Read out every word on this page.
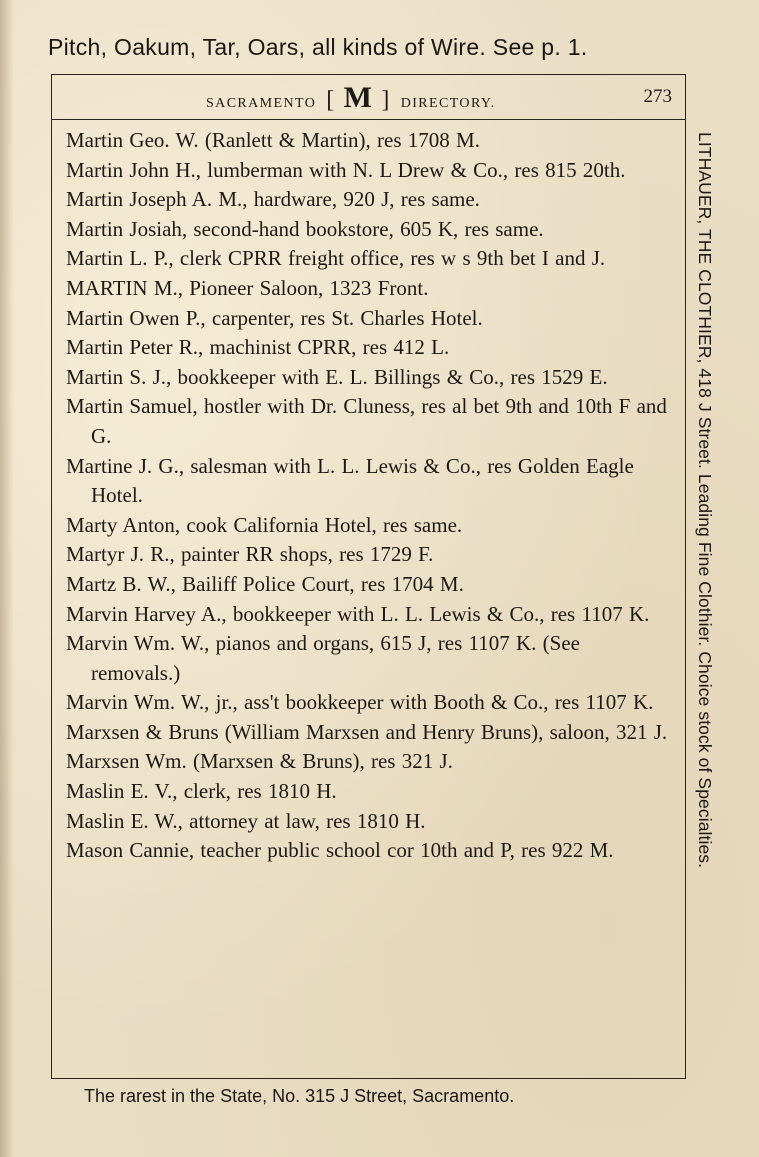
Pitch, Oakum, Tar, Oars, all kinds of Wire. See p. 1.
SACRAMENTO [ M ] DIRECTORY.	273
Martin Geo. W. (Ranlett & Martin), res 1708 M.
Martin John H., lumberman with N. L Drew & Co., res 815 20th.
Martin Joseph A. M., hardware, 920 J, res same.
Martin Josiah, second-hand bookstore, 605 K, res same.
Martin L. P., clerk CPRR freight office, res w s 9th bet I and J.
MARTIN M., Pioneer Saloon, 1323 Front.
Martin Owen P., carpenter, res St. Charles Hotel.
Martin Peter R., machinist CPRR, res 412 L.
Martin S. J., bookkeeper with E. L. Billings & Co., res 1529 E.
Martin Samuel, hostler with Dr. Cluness, res al bet 9th and 10th F and G.
Martine J. G., salesman with L. L. Lewis & Co., res Golden Eagle Hotel.
Marty Anton, cook California Hotel, res same.
Martyr J. R., painter RR shops, res 1729 F.
Martz B. W., Bailiff Police Court, res 1704 M.
Marvin Harvey A., bookkeeper with L. L. Lewis & Co., res 1107 K.
Marvin Wm. W., pianos and organs, 615 J, res 1107 K. (See removals.)
Marvin Wm. W., jr., ass't bookkeeper with Booth & Co., res 1107 K.
Marxsen & Bruns (William Marxsen and Henry Bruns), saloon, 321 J.
Marxsen Wm. (Marxsen & Bruns), res 321 J.
Maslin E. V., clerk, res 1810 H.
Maslin E. W., attorney at law, res 1810 H.
Mason Cannie, teacher public school cor 10th and P, res 922 M.	LITHAUER, THE CLOTHIER, 418 J Street. Leading Fine Clothier. Choice stock of Specialties.
The rarest in the State, No. 315 J Street, Sacramento.
